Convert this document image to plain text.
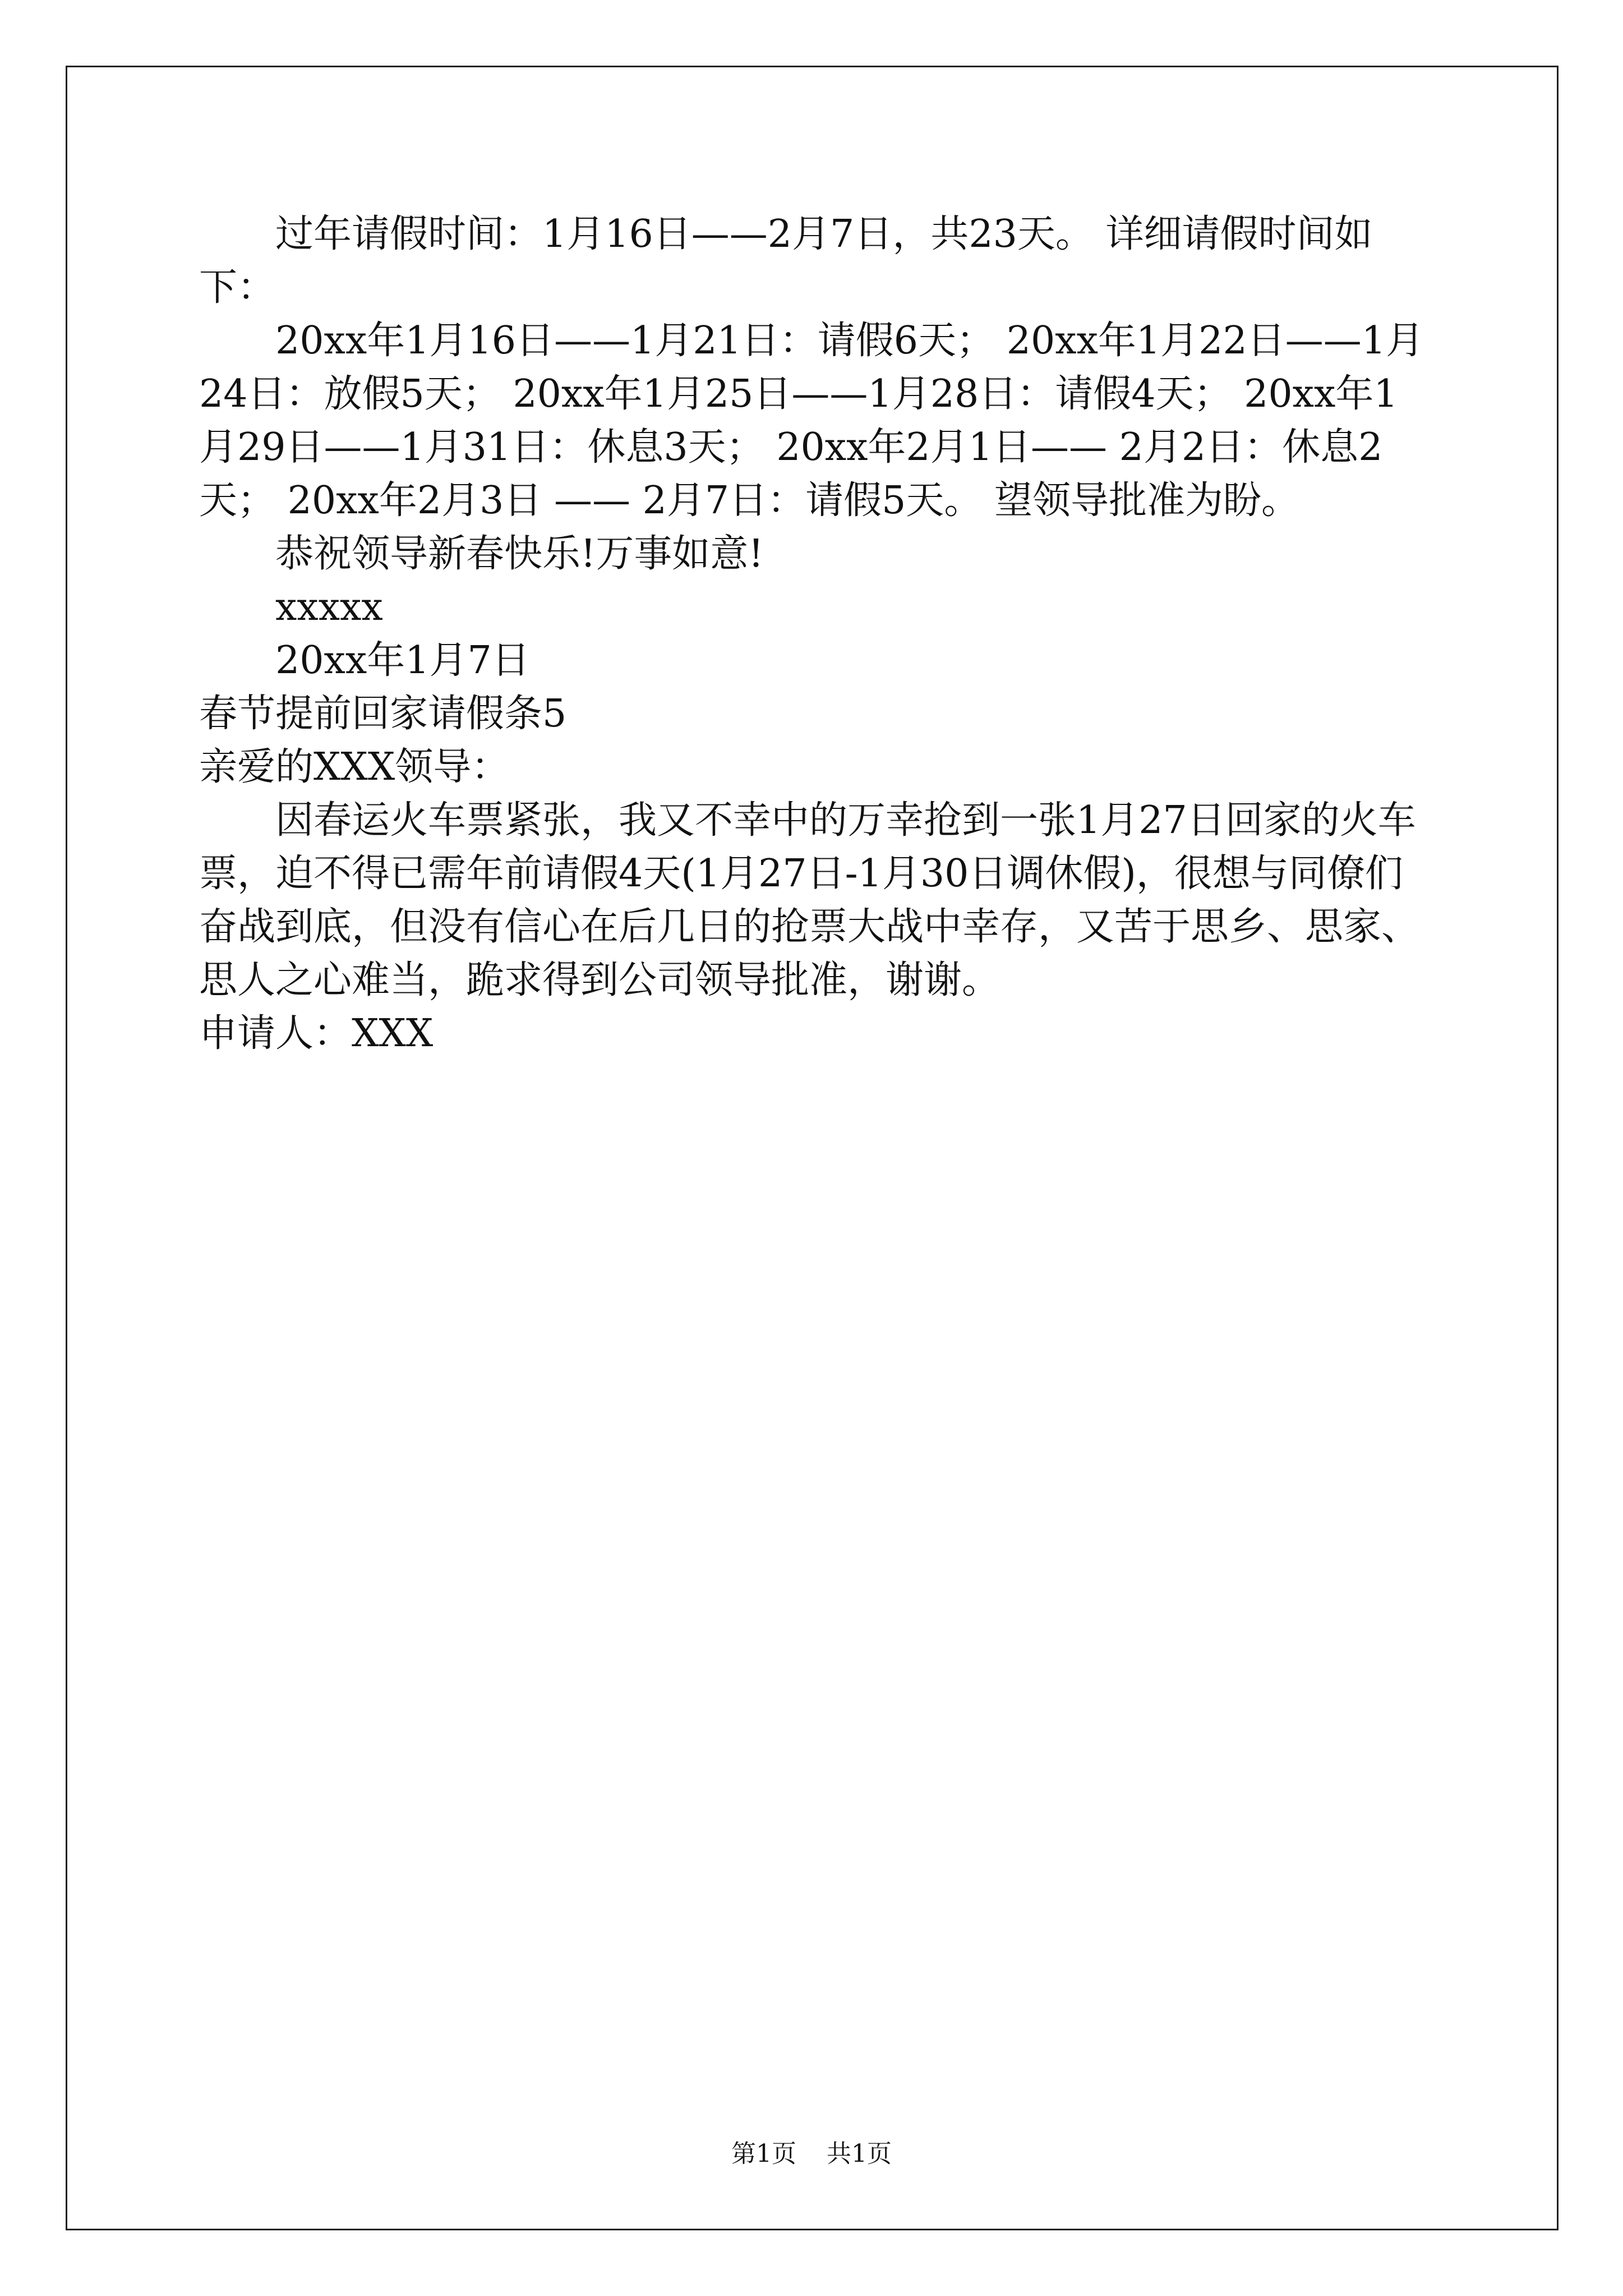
过年请假时间：1月16日——2月7日，共23天。 详细请假时间如下：

20xx年1月16日——1月21日：请假6天； 20xx年1月22日——1月24日：放假5天； 20xx年1月25日——1月28日：请假4天； 20xx年1月29日——1月31日：休息3天； 20xx年2月1日—— 2月2日：休息2天； 20xx年2月3日 —— 2月7日：请假5天。 望领导批准为盼。

恭祝领导新春快乐!万事如意!

xxxxx

20xx年1月7日

春节提前回家请假条5

亲爱的XXX领导：

因春运火车票紧张，我又不幸中的万幸抢到一张1月27日回家的火车票，迫不得已需年前请假4天(1月27日-1月30日调休假)，很想与同僚们奋战到底，但没有信心在后几日的抢票大战中幸存，又苦于思乡、思家、思人之心难当，跪求得到公司领导批准，谢谢。

申请人：XXX

第1页 共1页
